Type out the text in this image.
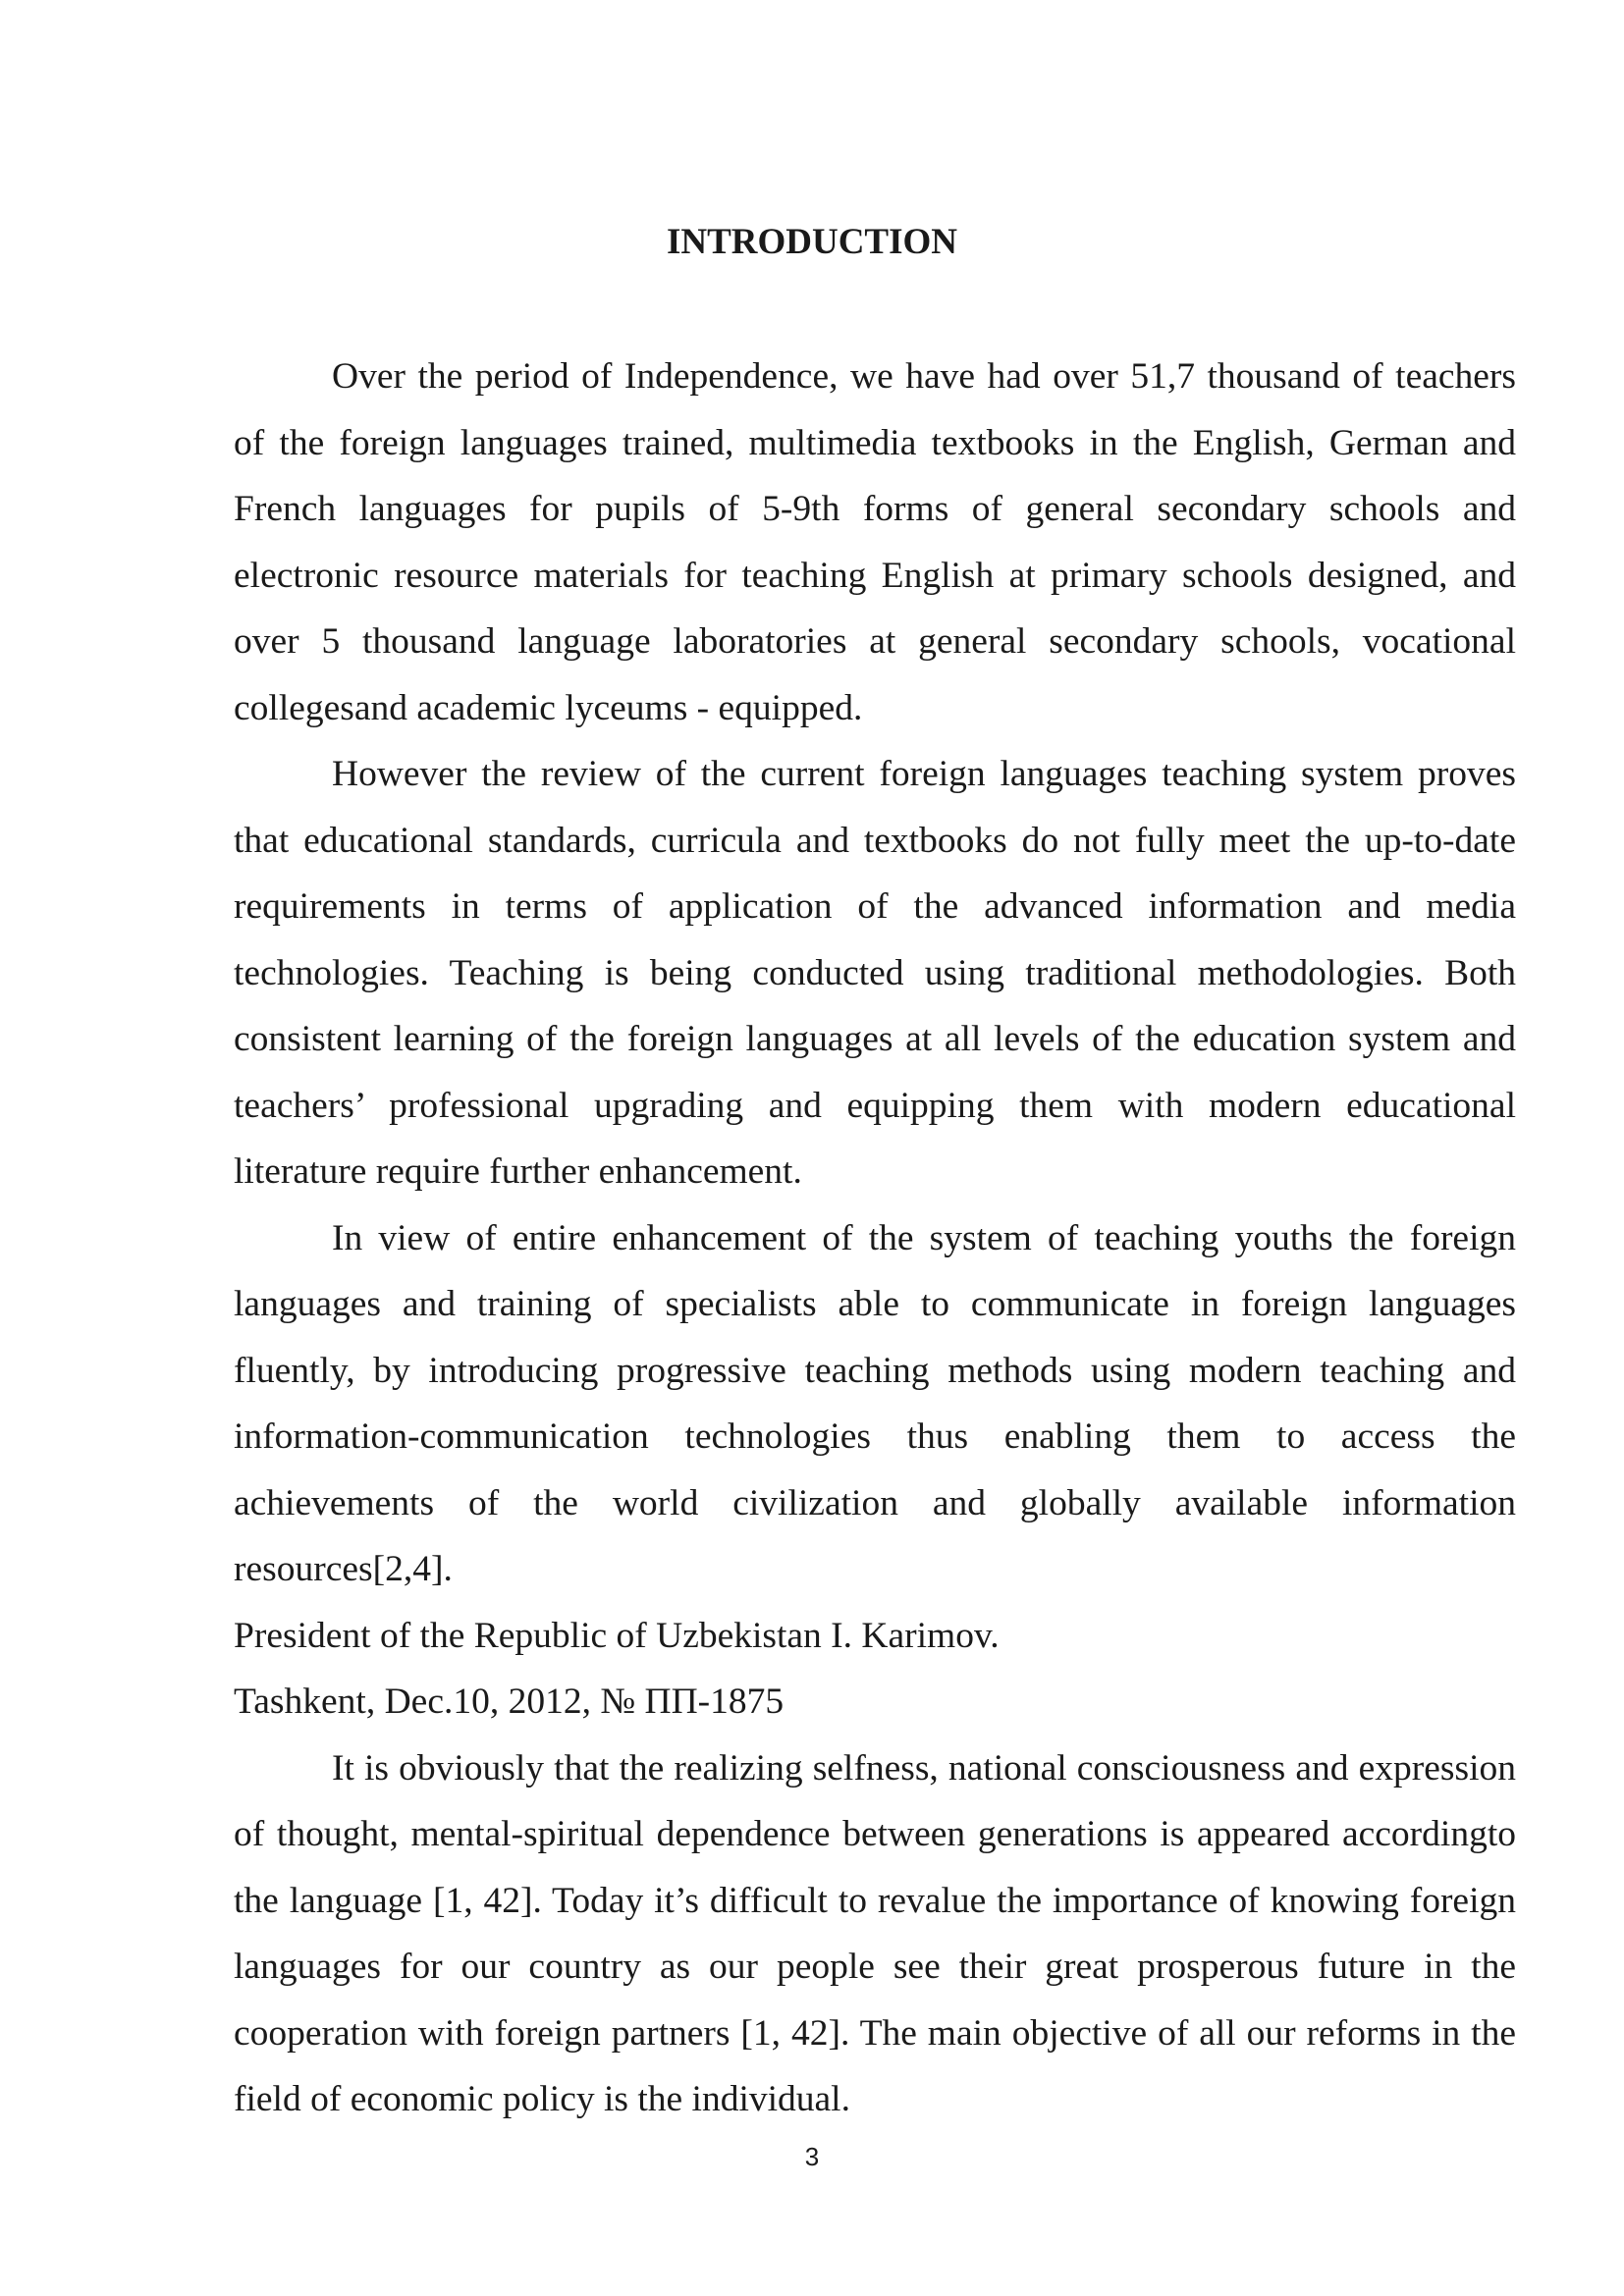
INTRODUCTION

Over the period of Independence, we have had over 51,7 thousand of teachers of the foreign languages trained, multimedia textbooks in the English, German and French languages for pupils of 5-9th forms of general secondary schools and electronic resource materials for teaching English at primary schools designed, and over 5 thousand language laboratories at general secondary schools, vocational collegesand academic lyceums - equipped.

However the review of the current foreign languages teaching system proves that educational standards, curricula and textbooks do not fully meet the up-to-date requirements in terms of application of the advanced information and media technologies. Teaching is being conducted using traditional methodologies. Both consistent learning of the foreign languages at all levels of the education system and teachers’ professional upgrading and equipping them with modern educational literature require further enhancement.

In view of entire enhancement of the system of teaching youths the foreign languages and training of specialists able to communicate in foreign languages fluently, by introducing progressive teaching methods using modern teaching and information-communication technologies thus enabling them to access the achievements of the world civilization and globally available information resources[2,4].

President of the Republic of Uzbekistan I. Karimov.

Tashkent, Dec.10, 2012, № ПП-1875

It is obviously that the realizing selfness, national consciousness and expression of thought, mental-spiritual dependence between generations is appeared accordingto the language [1, 42]. Today it’s difficult to revalue the importance of knowing foreign languages for our country as our people see their great prosperous future in the cooperation with foreign partners [1, 42]. The main objective of all our reforms in the field of economic policy is the individual.

3
